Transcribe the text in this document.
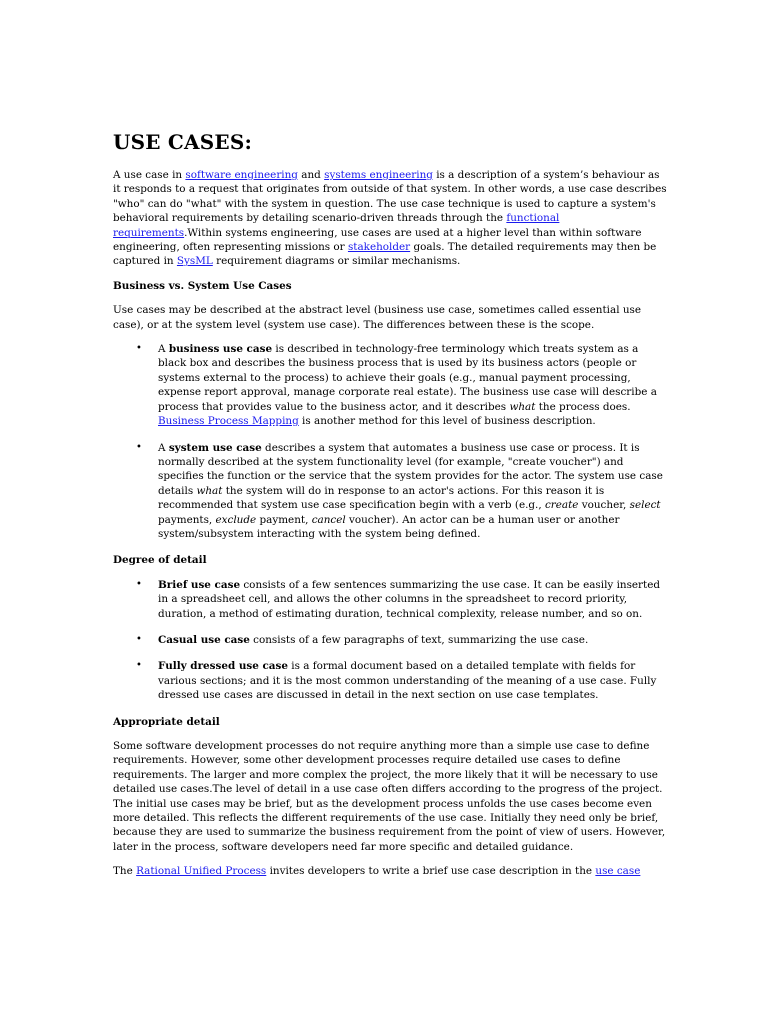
USE CASES:

A use case in software engineering and systems engineering is a description of a system’s behaviour as it responds to a request that originates from outside of that system. In other words, a use case describes "who" can do "what" with the system in question. The use case technique is used to capture a system's behavioral requirements by detailing scenario-driven threads through the functional requirements.Within systems engineering, use cases are used at a higher level than within software engineering, often representing missions or stakeholder goals. The detailed requirements may then be captured in SysML requirement diagrams or similar mechanisms.

Business vs. System Use Cases

Use cases may be described at the abstract level (business use case, sometimes called essential use case), or at the system level (system use case). The differences between these is the scope.

• A business use case is described in technology-free terminology which treats system as a black box and describes the business process that is used by its business actors (people or systems external to the process) to achieve their goals (e.g., manual payment processing, expense report approval, manage corporate real estate). The business use case will describe a process that provides value to the business actor, and it describes what the process does. Business Process Mapping is another method for this level of business description.
• A system use case describes a system that automates a business use case or process. It is normally described at the system functionality level (for example, "create voucher") and specifies the function or the service that the system provides for the actor. The system use case details what the system will do in response to an actor's actions. For this reason it is recommended that system use case specification begin with a verb (e.g., create voucher, select payments, exclude payment, cancel voucher). An actor can be a human user or another system/subsystem interacting with the system being defined.
Degree of detail
• Brief use case consists of a few sentences summarizing the use case. It can be easily inserted in a spreadsheet cell, and allows the other columns in the spreadsheet to record priority, duration, a method of estimating duration, technical complexity, release number, and so on.
• Casual use case consists of a few paragraphs of text, summarizing the use case.
• Fully dressed use case is a formal document based on a detailed template with fields for various sections; and it is the most common understanding of the meaning of a use case. Fully dressed use cases are discussed in detail in the next section on use case templates.
Appropriate detail

Some software development processes do not require anything more than a simple use case to define requirements. However, some other development processes require detailed use cases to define requirements. The larger and more complex the project, the more likely that it will be necessary to use detailed use cases.The level of detail in a use case often differs according to the progress of the project. The initial use cases may be brief, but as the development process unfolds the use cases become even more detailed. This reflects the different requirements of the use case. Initially they need only be brief, because they are used to summarize the business requirement from the point of view of users. However, later in the process, software developers need far more specific and detailed guidance.

The Rational Unified Process invites developers to write a brief use case description in the use case
